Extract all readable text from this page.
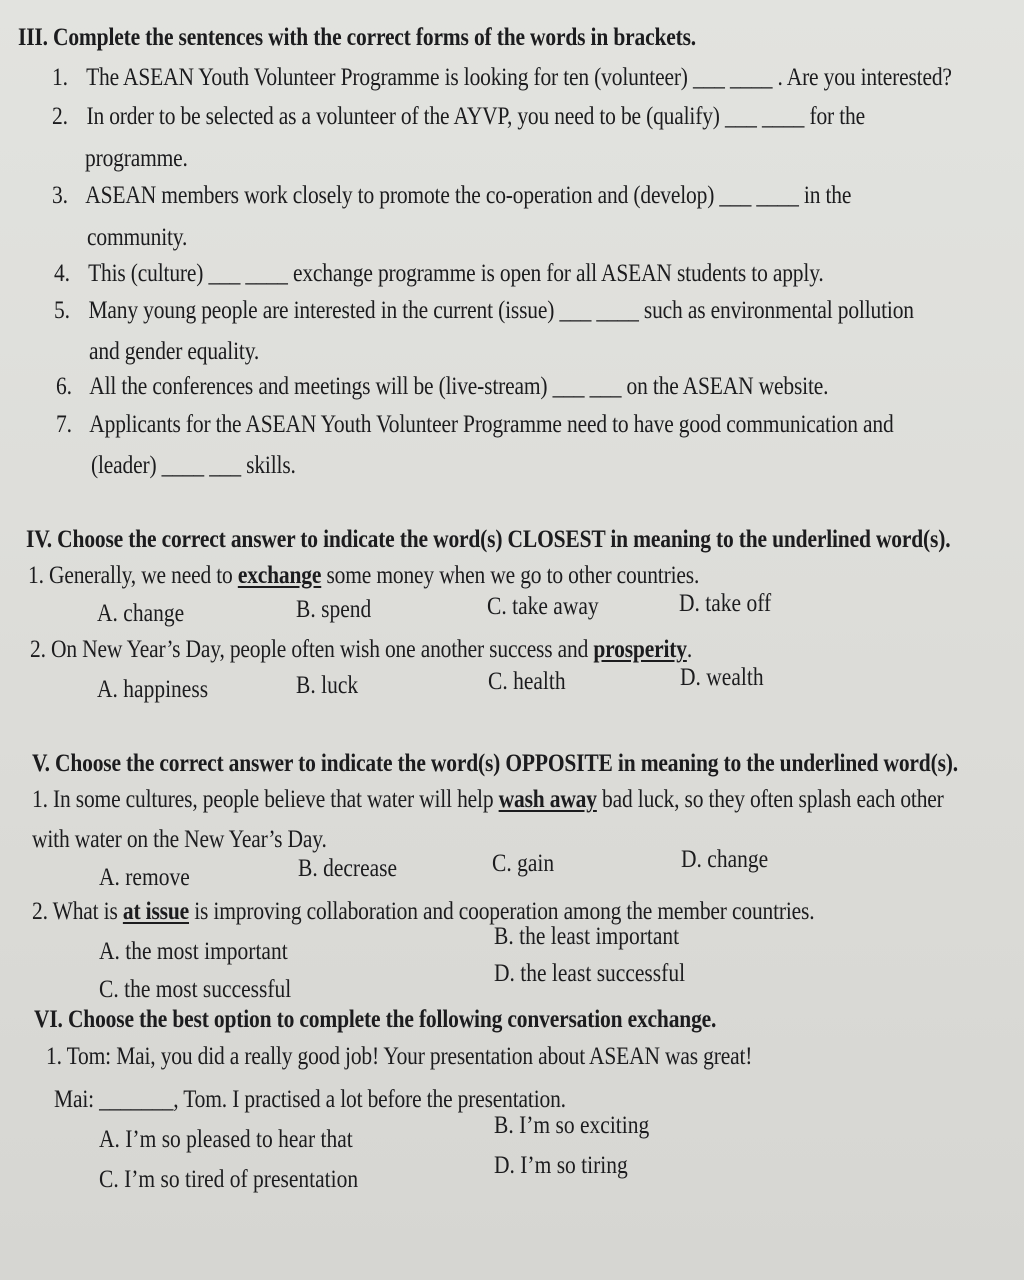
III. Complete the sentences with the correct forms of the words in brackets.
1. The ASEAN Youth Volunteer Programme is looking for ten (volunteer) ___ ____ . Are you interested?
2. In order to be selected as a volunteer of the AYVP, you need to be (qualify) ___ ____ for the
programme.
3. ASEAN members work closely to promote the co-operation and (develop) ___ ____ in the
community.
4. This (culture) ___ ____ exchange programme is open for all ASEAN students to apply.
5. Many young people are interested in the current (issue) ___ ____ such as environmental pollution
and gender equality.
6. All the conferences and meetings will be (live-stream) ___ ___ on the ASEAN website.
7. Applicants for the ASEAN Youth Volunteer Programme need to have good communication and
(leader) ____ ___ skills.
IV. Choose the correct answer to indicate the word(s) CLOSEST in meaning to the underlined word(s).
1. Generally, we need to exchange some money when we go to other countries.
A. change	B. spend	C. take away	D. take off
2. On New Year’s Day, people often wish one another success and prosperity.
A. happiness	B. luck	C. health	D. wealth
V. Choose the correct answer to indicate the word(s) OPPOSITE in meaning to the underlined word(s).
1. In some cultures, people believe that water will help wash away bad luck, so they often splash each other
with water on the New Year’s Day.
A. remove	B. decrease	C. gain	D. change
2. What is at issue is improving collaboration and cooperation among the member countries.
A. the most important
B. the least important
C. the most successful
D. the least successful
VI. Choose the best option to complete the following conversation exchange.
1. Tom: Mai, you did a really good job! Your presentation about ASEAN was great!
Mai: _______, Tom. I practised a lot before the presentation.
A. I’m so pleased to hear that
B. I’m so exciting
C. I’m so tired of presentation
D. I’m so tiring
